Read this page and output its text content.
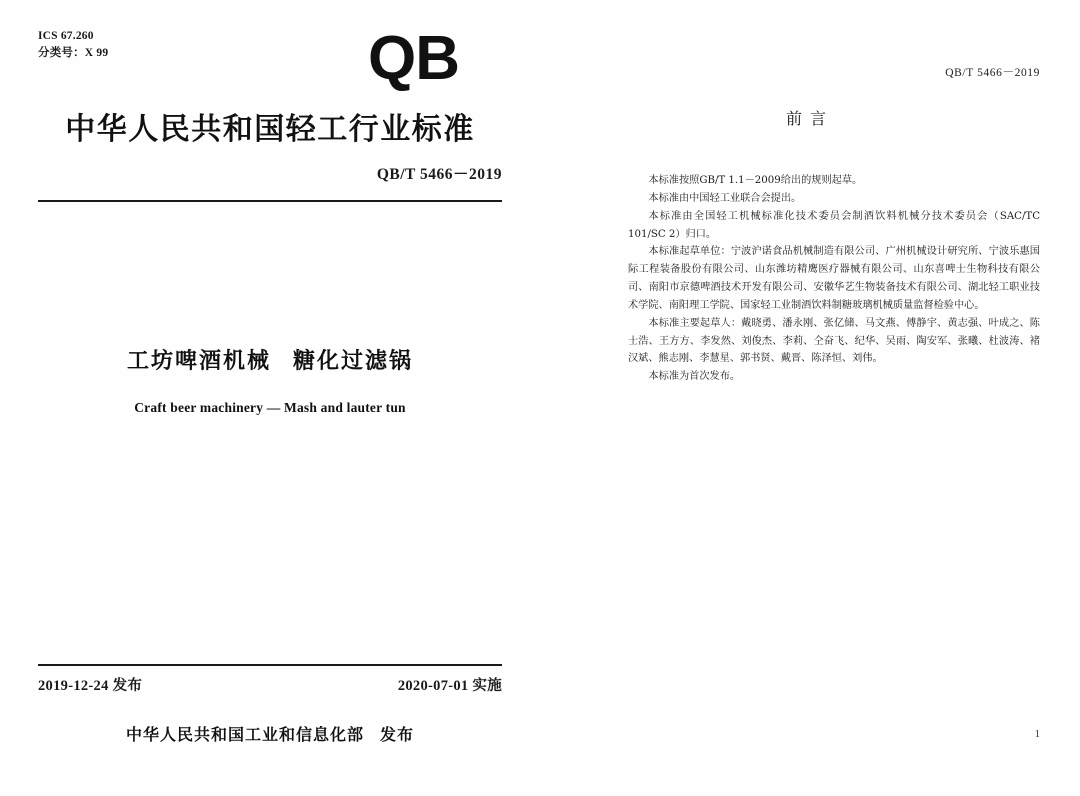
ICS 67.260
分类号：X 99	QB
中华人民共和国轻工行业标准
QB/T 5466－2019
工坊啤酒机械 糖化过滤锅
Craft beer machinery — Mash and lauter tun
2019-12-24 发布	2020-07-01 实施
中华人民共和国工业和信息化部 发布
QB/T 5466－2019
前言

本标准按照GB/T 1.1－2009给出的规则起草。

本标准由中国轻工业联合会提出。

本标准由全国轻工机械标准化技术委员会制酒饮料机械分技术委员会（SAC/TC 101/SC 2）归口。

本标准起草单位：宁波沪诺食品机械制造有限公司、广州机械设计研究所、宁波乐惠国际工程装备股份有限公司、山东潍坊精鹰医疗器械有限公司、山东喜啤士生物科技有限公司、南阳市京德啤酒技术开发有限公司、安徽华艺生物装备技术有限公司、湖北轻工职业技术学院、南阳理工学院、国家轻工业制酒饮料制糖玻璃机械质量监督检验中心。

本标准主要起草人：戴晓勇、潘永刚、张亿储、马文燕、傅静宇、黄志强、叶成之、陈士浩、王方方、李发然、刘俊杰、李莉、仝奋飞、纪华、吴雨、陶安军、张曦、杜波涛、褚汉斌、熊志刚、李慧星、郭书贤、戴晋、陈泽恒、刘伟。

本标准为首次发布。

1
